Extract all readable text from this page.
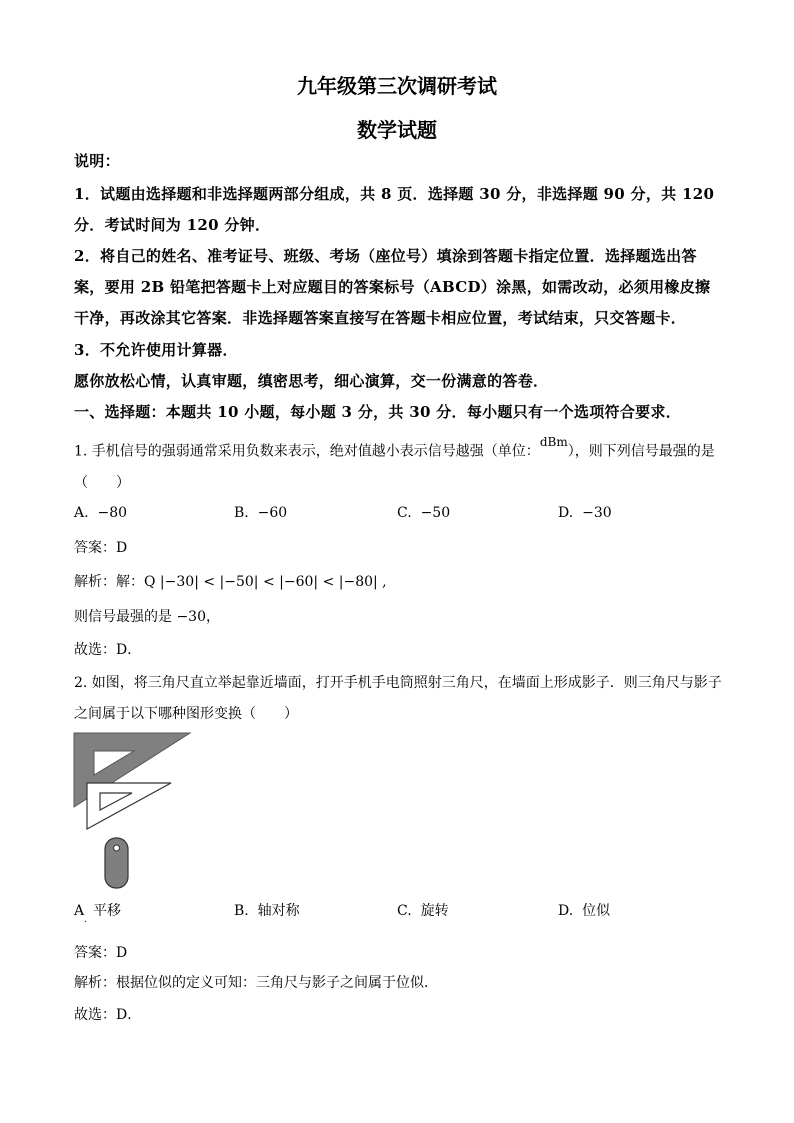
九年级第三次调研考试
数学试题
说明：
1．试题由选择题和非选择题两部分组成，共 8 页．选择题 30 分，非选择题 90 分，共 120
分．考试时间为 120 分钟．
2．将自己的姓名、准考证号、班级、考场（座位号）填涂到答题卡指定位置．选择题选出答
案，要用 2B 铅笔把答题卡上对应题目的答案标号（ABCD）涂黑，如需改动，必须用橡皮擦
干净，再改涂其它答案．非选择题答案直接写在答题卡相应位置，考试结束，只交答题卡．
3．不允许使用计算器．
愿你放松心情，认真审题，缜密思考，细心演算，交一份满意的答卷．
一、选择题：本题共 10 小题，每小题 3 分，共 30 分．每小题只有一个选项符合要求．
1. 手机信号的强弱通常采用负数来表示，绝对值越小表示信号越强（单位：$^{dBm}$），则下列信号最强的是
（　　）
A. −80	B. −60	C. −50	D. −30
答案：D
解析：解：Q |−30| < |−50| < |−60| < |−80| ,
则信号最强的是 −30，
故选：D．
2. 如图，将三角尺直立举起靠近墙面，打开手机手电筒照射三角尺，在墙面上形成影子．则三角尺与影子
之间属于以下哪种图形变换（　　）
A 平移
.
B. 轴对称	C. 旋转	D. 位似
答案：D
解析：根据位似的定义可知：三角尺与影子之间属于位似．
故选：D．
